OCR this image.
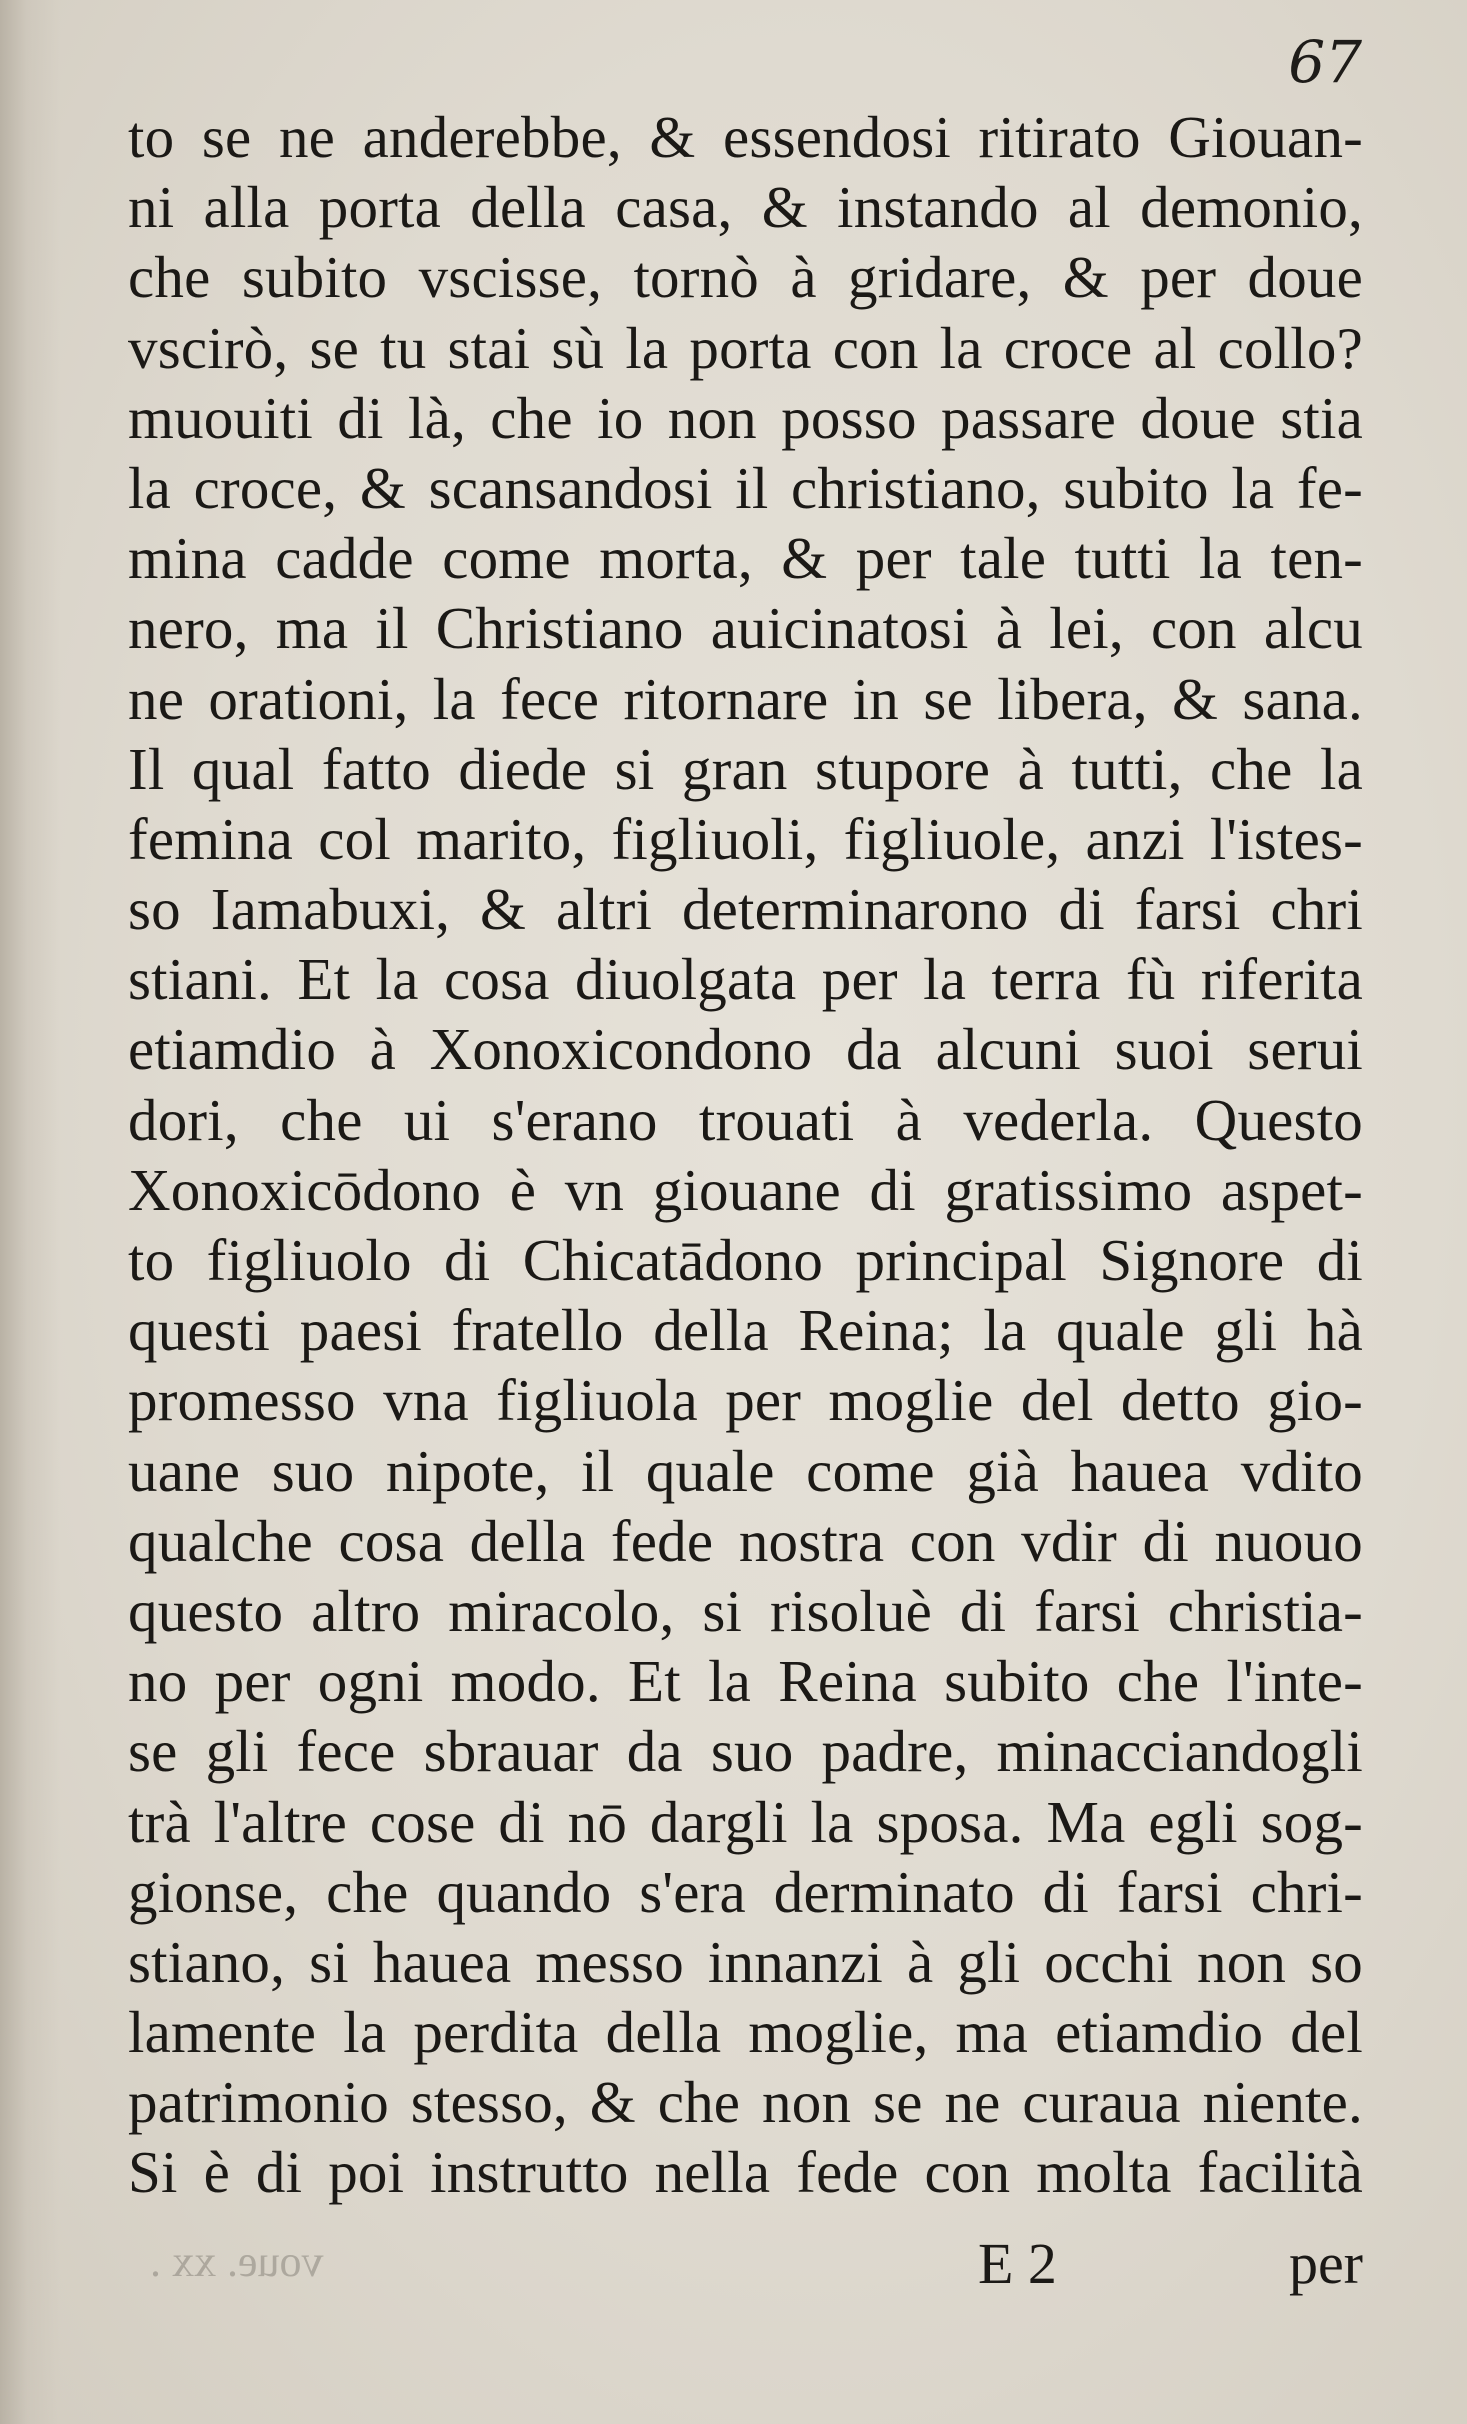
67
to se ne anderebbe, & essendosi ritirato Giouan-
ni alla porta della casa, & instando al demonio,
che subito vscisse, tornò à gridare, & per doue
vscirò, se tu stai sù la porta con la croce al collo?
muouiti di là, che io non posso passare doue stia
la croce, & scansandosi il christiano, subito la fe-
mina cadde come morta, & per tale tutti la ten-
nero, ma il Christiano auicinatosi à lei, con alcu
ne orationi, la fece ritornare in se libera, & sana.
Il qual fatto diede si gran stupore à tutti, che la
femina col marito, figliuoli, figliuole, anzi l'istes-
so Iamabuxi, & altri determinarono di farsi chri
stiani. Et la cosa diuolgata per la terra fù riferita
etiamdio à Xonoxicondono da alcuni suoi serui
dori, che ui s'erano trouati à vederla. Questo
Xonoxicōdono è vn giouane di gratissimo aspet-
to figliuolo di Chicatādono principal Signore di
questi paesi fratello della Reina; la quale gli hà
promesso vna figliuola per moglie del detto gio-
uane suo nipote, il quale come già hauea vdito
qualche cosa della fede nostra con vdir di nuouo
questo altro miracolo, si risoluè di farsi christia-
no per ogni modo. Et la Reina subito che l'inte-
se gli fece sbrauar da suo padre, minacciandogli
trà l'altre cose di nō dargli la sposa. Ma egli sog-
gionse, che quando s'era derminato di farsi chri-
stiano, si hauea messo innanzi à gli occhi non so
lamente la perdita della moglie, ma etiamdio del
patrimonio stesso, & che non se ne curaua niente.
Si è di poi instrutto nella fede con molta facilità
voue. xx .	E 2	per
